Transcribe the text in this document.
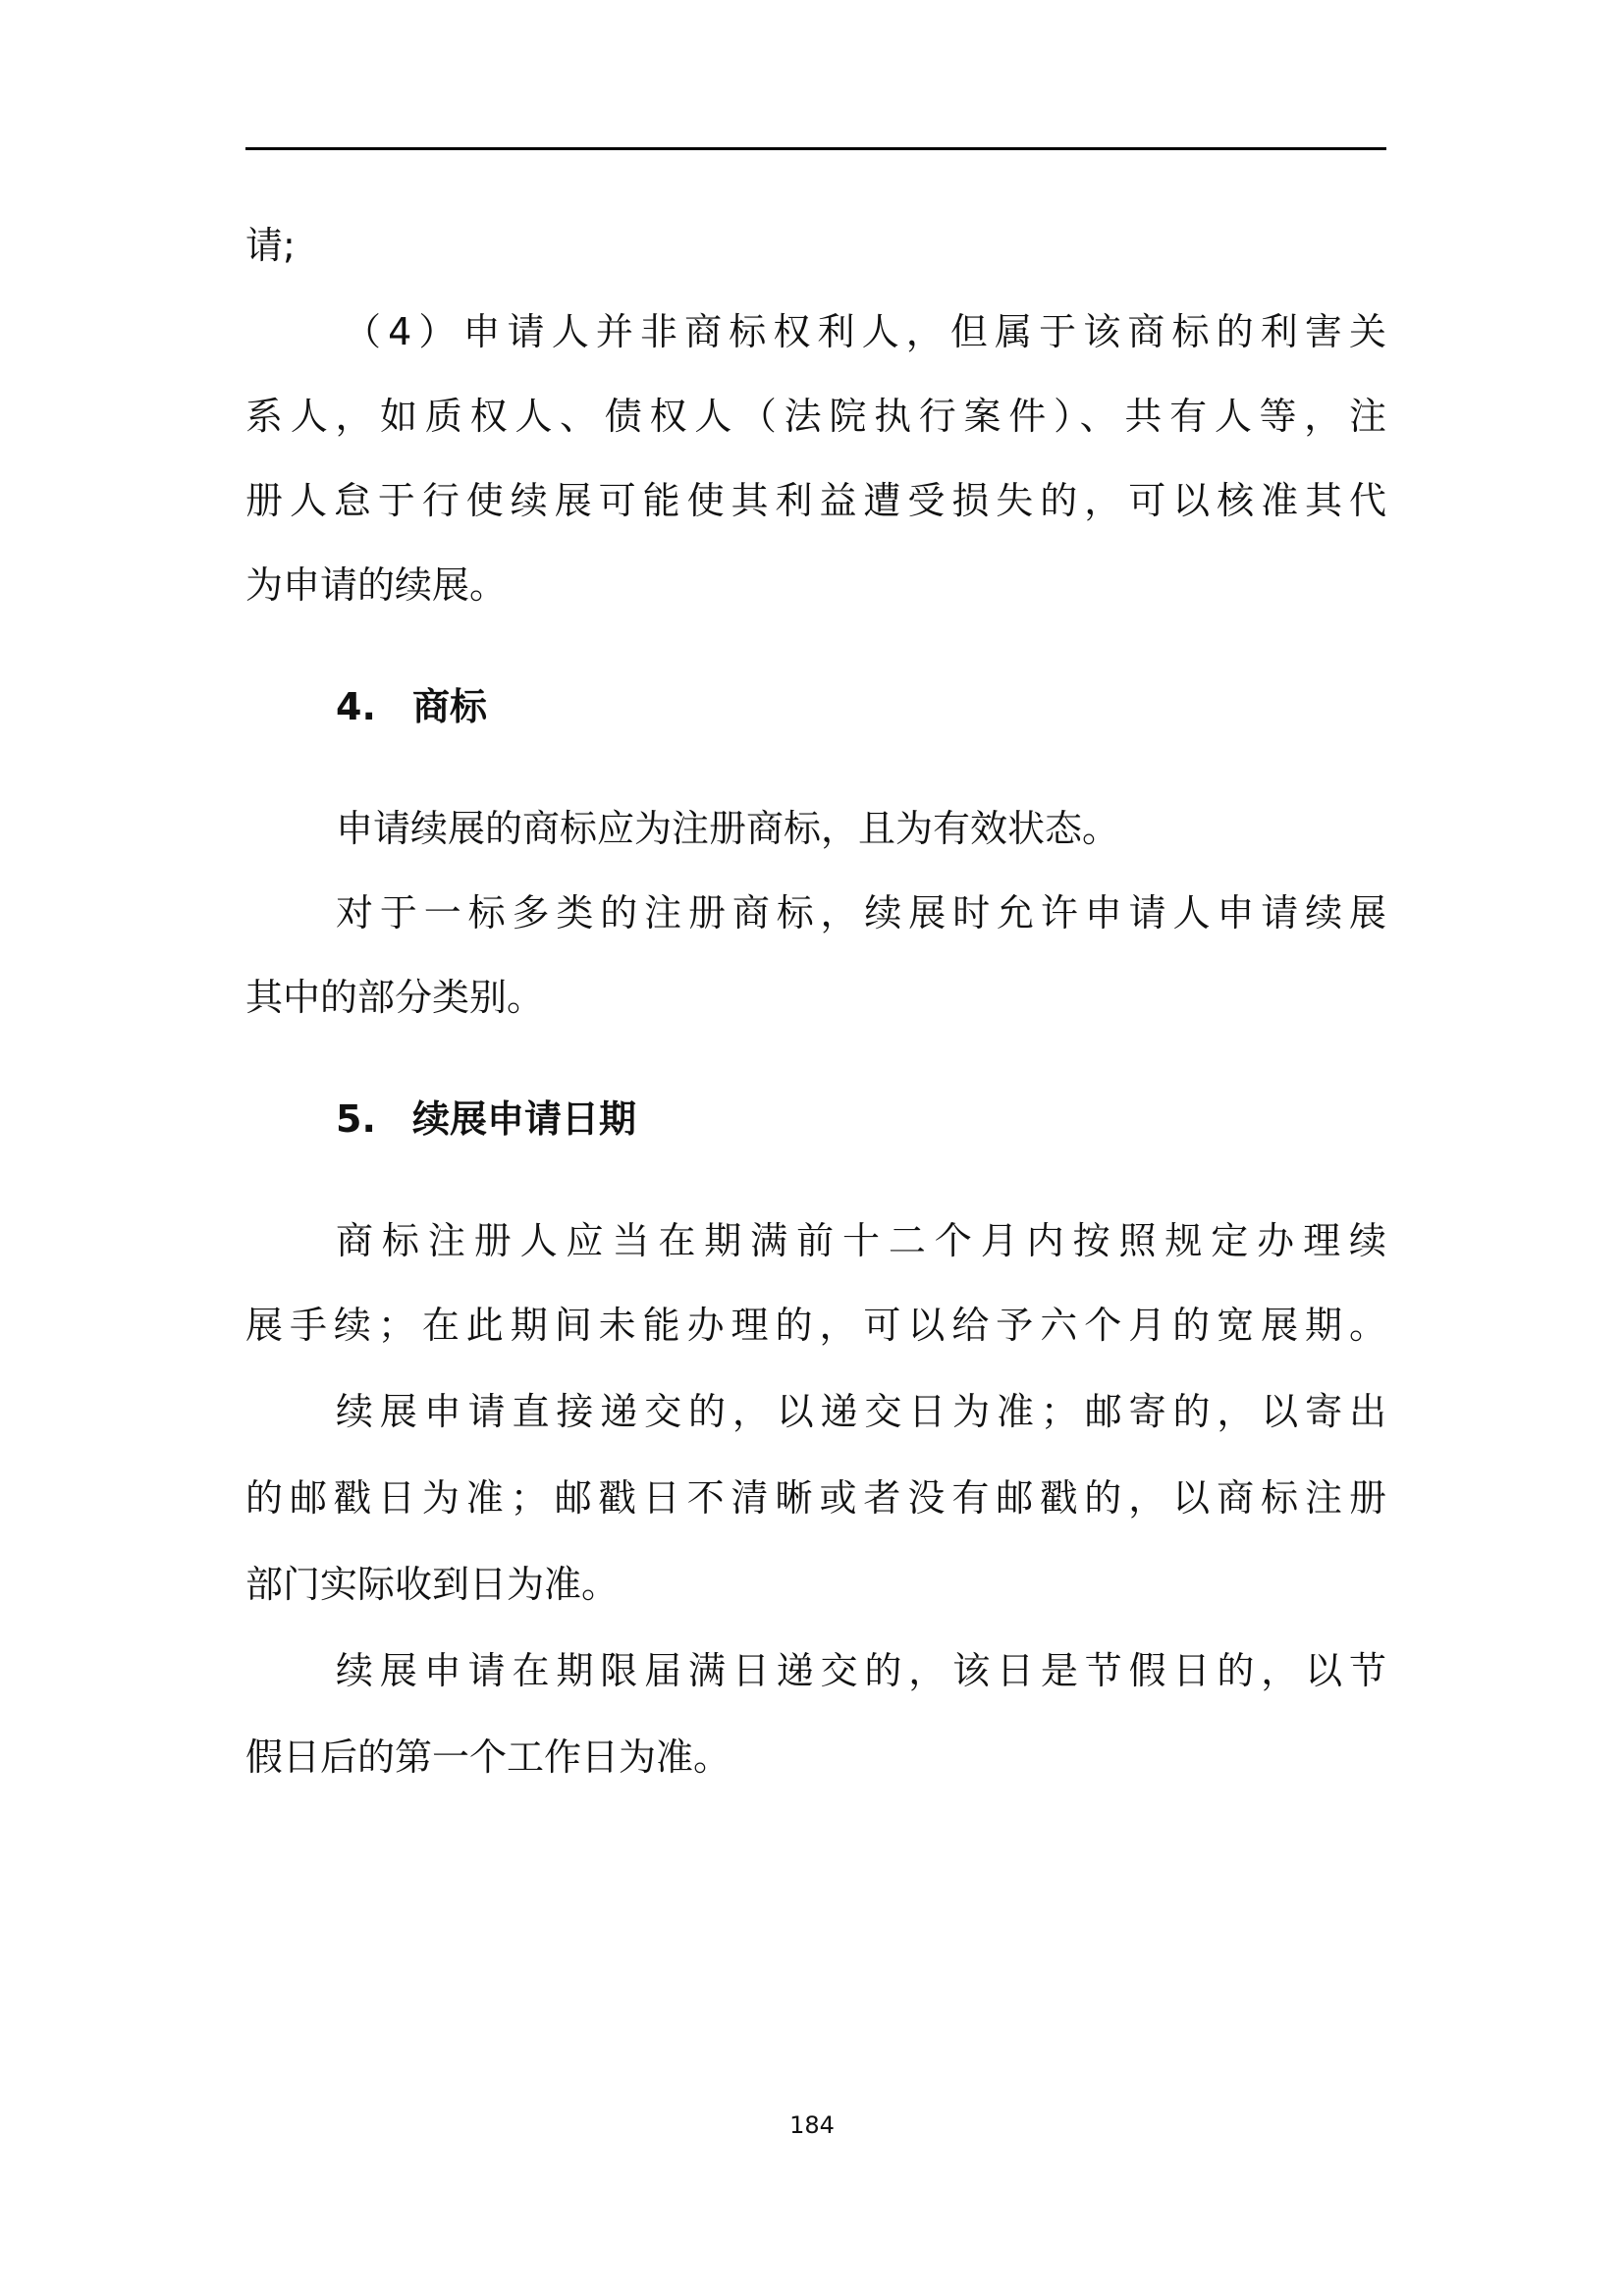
请;
（4）申请人并非商标权利人，但属于该商标的利害关
系人，如质权人、债权人（法院执行案件）、共有人等，注
册人怠于行使续展可能使其利益遭受损失的，可以核准其代
为申请的续展。
4. 商标
申请续展的商标应为注册商标，且为有效状态。
对于一标多类的注册商标，续展时允许申请人申请续展
其中的部分类别。
5. 续展申请日期
商标注册人应当在期满前十二个月内按照规定办理续
展手续；在此期间未能办理的，可以给予六个月的宽展期。
续展申请直接递交的，以递交日为准；邮寄的，以寄出
的邮戳日为准；邮戳日不清晰或者没有邮戳的，以商标注册
部门实际收到日为准。
续展申请在期限届满日递交的，该日是节假日的，以节
假日后的第一个工作日为准。
184
